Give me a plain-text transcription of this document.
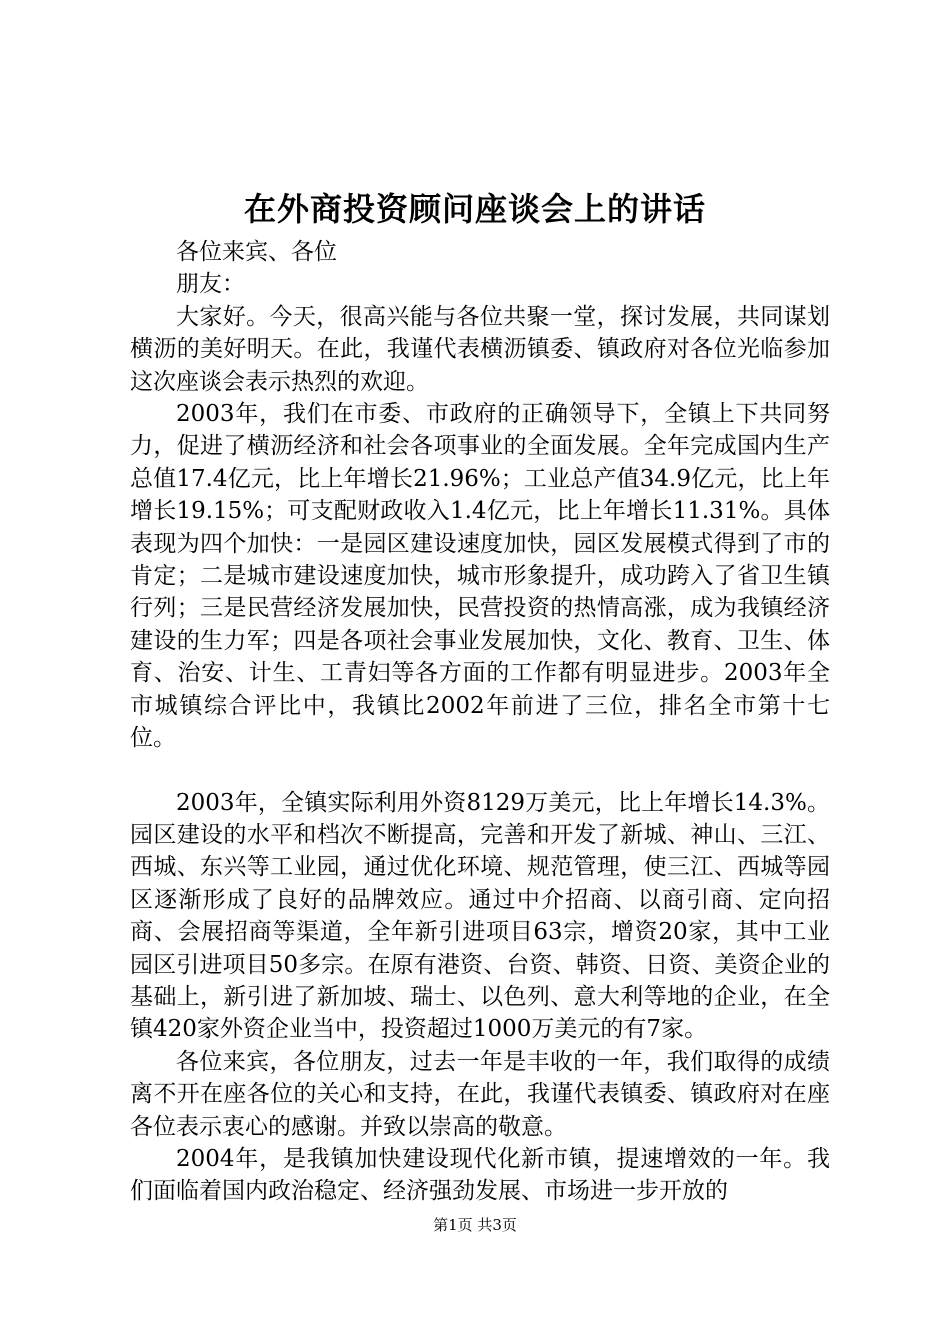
在外商投资顾问座谈会上的讲话

各位来宾、各位

朋友：

大家好。今天，很高兴能与各位共聚一堂，探讨发展，共同谋划横沥的美好明天。在此，我谨代表横沥镇委、镇政府对各位光临参加这次座谈会表示热烈的欢迎。

2003年，我们在市委、市政府的正确领导下，全镇上下共同努力，促进了横沥经济和社会各项事业的全面发展。全年完成国内生产总值17.4亿元，比上年增长21.96%；工业总产值34.9亿元，比上年增长19.15%；可支配财政收入1.4亿元，比上年增长11.31%。具体表现为四个加快：一是园区建设速度加快，园区发展模式得到了市的肯定；二是城市建设速度加快，城市形象提升，成功跨入了省卫生镇行列；三是民营经济发展加快，民营投资的热情高涨，成为我镇经济建设的生力军；四是各项社会事业发展加快，文化、教育、卫生、体育、治安、计生、工青妇等各方面的工作都有明显进步。2003年全市城镇综合评比中，我镇比2002年前进了三位，排名全市第十七位。

2003年，全镇实际利用外资8129万美元，比上年增长14.3%。园区建设的水平和档次不断提高，完善和开发了新城、神山、三江、西城、东兴等工业园，通过优化环境、规范管理，使三江、西城等园区逐渐形成了良好的品牌效应。通过中介招商、以商引商、定向招商、会展招商等渠道，全年新引进项目63宗，增资20家，其中工业园区引进项目50多宗。在原有港资、台资、韩资、日资、美资企业的基础上，新引进了新加坡、瑞士、以色列、意大利等地的企业，在全镇420家外资企业当中，投资超过1000万美元的有7家。

各位来宾，各位朋友，过去一年是丰收的一年，我们取得的成绩离不开在座各位的关心和支持，在此，我谨代表镇委、镇政府对在座各位表示衷心的感谢。并致以崇高的敬意。

2004年，是我镇加快建设现代化新市镇，提速增效的一年。我们面临着国内政治稳定、经济强劲发展、市场进一步开放的

第1页 共3页
